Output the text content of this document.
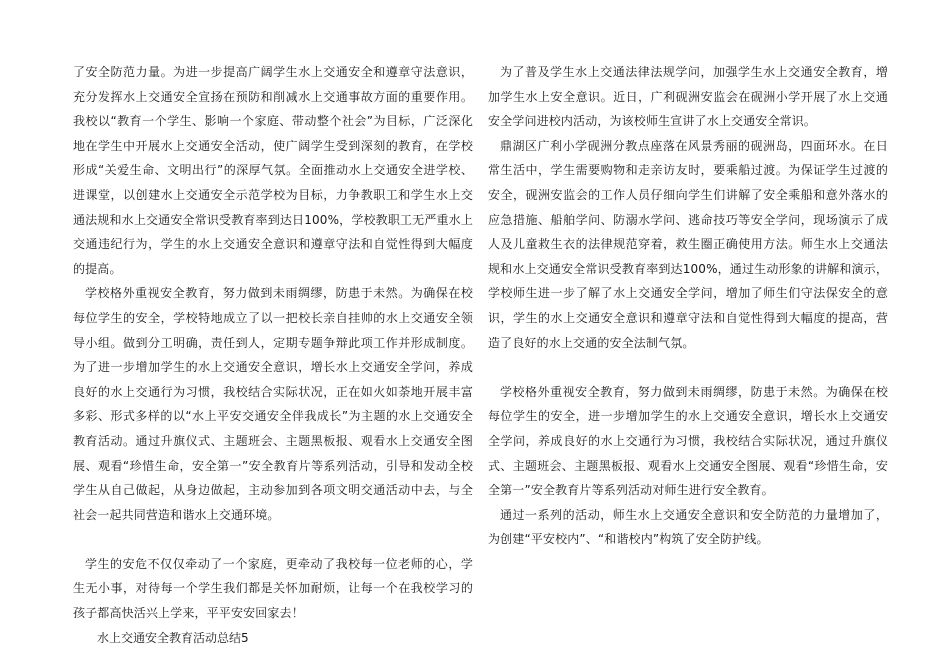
了安全防范力量。为进一步提高广阔学生水上交通安全和遵章守法意识，充分发挥水上交通安全宣扬在预防和削减水上交通事故方面的重要作用。我校以“教育一个学生、影响一个家庭、带动整个社会”为目标，广泛深化地在学生中开展水上交通安全活动，使广阔学生受到深刻的教育，在学校形成“关爱生命、文明出行”的深厚气氛。全面推动水上交通安全进学校、进课堂，以创建水上交通安全示范学校为目标，力争教职工和学生水上交通法规和水上交通安全常识受教育率到达日100%，学校教职工无严重水上交通违纪行为，学生的水上交通安全意识和遵章守法和自觉性得到大幅度的提高。

学校格外重视安全教育，努力做到未雨绸缪，防患于未然。为确保在校每位学生的安全，学校特地成立了以一把校长亲自挂帅的水上交通安全领导小组。做到分工明确，责任到人，定期专题争辩此项工作并形成制度。为了进一步增加学生的水上交通安全意识，增长水上交通安全学问，养成良好的水上交通行为习惯，我校结合实际状况，正在如火如荼地开展丰富多彩、形式多样的以“水上平安交通安全伴我成长”为主题的水上交通安全教育活动。通过升旗仪式、主题班会、主题黑板报、观看水上交通安全图展、观看“珍惜生命，安全第一”安全教育片等系列活动，引导和发动全校学生从自己做起，从身边做起，主动参加到各项文明交通活动中去，与全社会一起共同营造和谐水上交通环境。

学生的安危不仅仅牵动了一个家庭，更牵动了我校每一位老师的心，学生无小事，对待每一个学生我们都是关怀加耐烦，让每一个在我校学习的孩子都高快活兴上学来，平平安安回家去！

水上交通安全教育活动总结5

为了普及学生水上交通法律法规学问，加强学生水上交通安全教育，增加学生水上安全意识。近日，广利砚洲安监会在砚洲小学开展了水上交通安全学问进校内活动，为该校师生宣讲了水上交通安全常识。

鼎湖区广利小学砚洲分教点座落在风景秀丽的砚洲岛，四面环水。在日常生活中，学生需要购物和走亲访友时，要乘船过渡。为保证学生过渡的安全，砚洲安监会的工作人员仔细向学生们讲解了安全乘船和意外落水的应急措施、船舶学问、防溺水学问、逃命技巧等安全学问，现场演示了成人及儿童救生衣的法律规范穿着，救生圈正确使用方法。师生水上交通法规和水上交通安全常识受教育率到达100%，通过生动形象的讲解和演示，学校师生进一步了解了水上交通安全学问，增加了师生们守法保安全的意识，学生的水上交通安全意识和遵章守法和自觉性得到大幅度的提高，营造了良好的水上交通的安全法制气氛。

学校格外重视安全教育，努力做到未雨绸缪，防患于未然。为确保在校每位学生的安全，进一步增加学生的水上交通安全意识，增长水上交通安全学问，养成良好的水上交通行为习惯，我校结合实际状况，通过升旗仪式、主题班会、主题黑板报、观看水上交通安全图展、观看“珍惜生命，安全第一”安全教育片等系列活动对师生进行安全教育。

通过一系列的活动，师生水上交通安全意识和安全防范的力量增加了，为创建“平安校内”、“和谐校内”构筑了安全防护线。
